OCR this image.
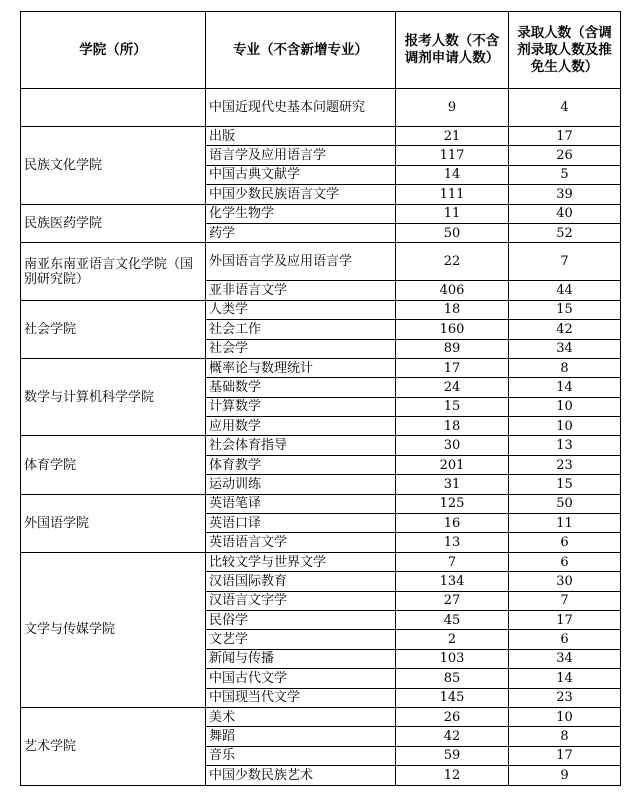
学院（所）	专业（不含新增专业）	报考人数（不含调剂申请人数）	录取人数（含调剂录取人数及推免生人数）
	中国近现代史基本问题研究	9	4
民族文化学院	出版	21	17
	语言学及应用语言学	117	26
	中国古典文献学	14	5
	中国少数民族语言文学	111	39
民族医药学院	化学生物学	11	40
	药学	50	52
南亚东南亚语言文化学院（国别研究院）	外国语言学及应用语言学	22	7
	亚非语言文学	406	44
社会学院	人类学	18	15
	社会工作	160	42
	社会学	89	34
数学与计算机科学学院	概率论与数理统计	17	8
	基础数学	24	14
	计算数学	15	10
	应用数学	18	10
体育学院	社会体育指导	30	13
	体育教学	201	23
	运动训练	31	15
外国语学院	英语笔译	125	50
	英语口译	16	11
	英语语言文学	13	6
文学与传媒学院	比较文学与世界文学	7	6
	汉语国际教育	134	30
	汉语言文字学	27	7
	民俗学	45	17
	文艺学	2	6
	新闻与传播	103	34
	中国古代文学	85	14
	中国现当代文学	145	23
艺术学院	美术	26	10
	舞蹈	42	8
	音乐	59	17
	中国少数民族艺术	12	9
